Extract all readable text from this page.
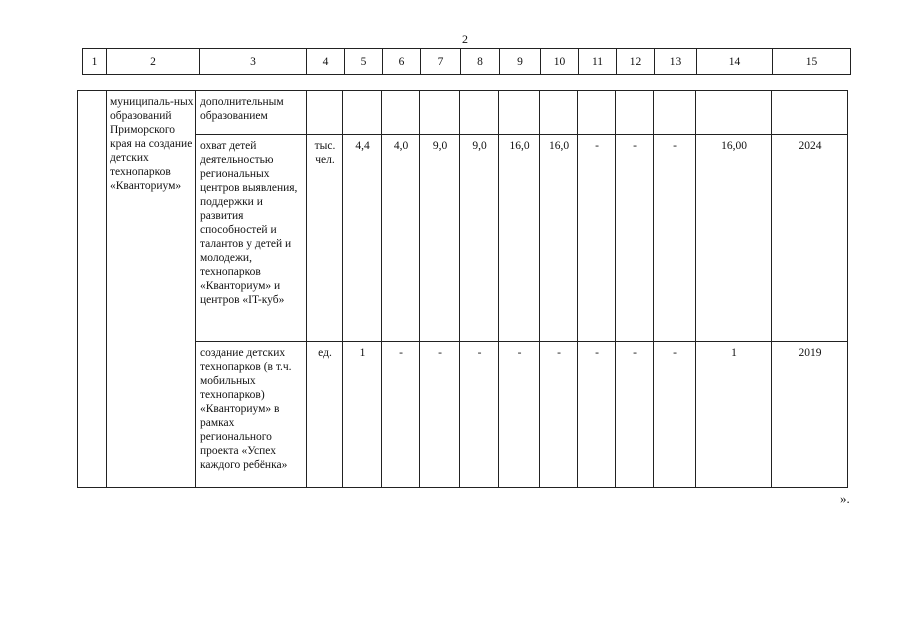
2
1	2	3	4	5	6	7	8	9	10	11	12	13	14	15
	муниципаль-ных образований Приморского края на создание детских технопарков «Кванториум»	дополнительным образованием												
		охват детей деятельностью региональных центров выявления, поддержки и развития способностей и талантов у детей и молодежи, технопарков «Кванториум» и центров «IT-куб»	тыс. чел.	4,4	4,0	9,0	9,0	16,0	16,0	-	-	-	16,00	2024
		создание детских технопарков (в т.ч. мобильных технопарков) «Кванториум» в рамках регионального проекта «Успех каждого ребёнка»	ед.	1	-	-	-	-	-	-	-	-	1	2019
».
